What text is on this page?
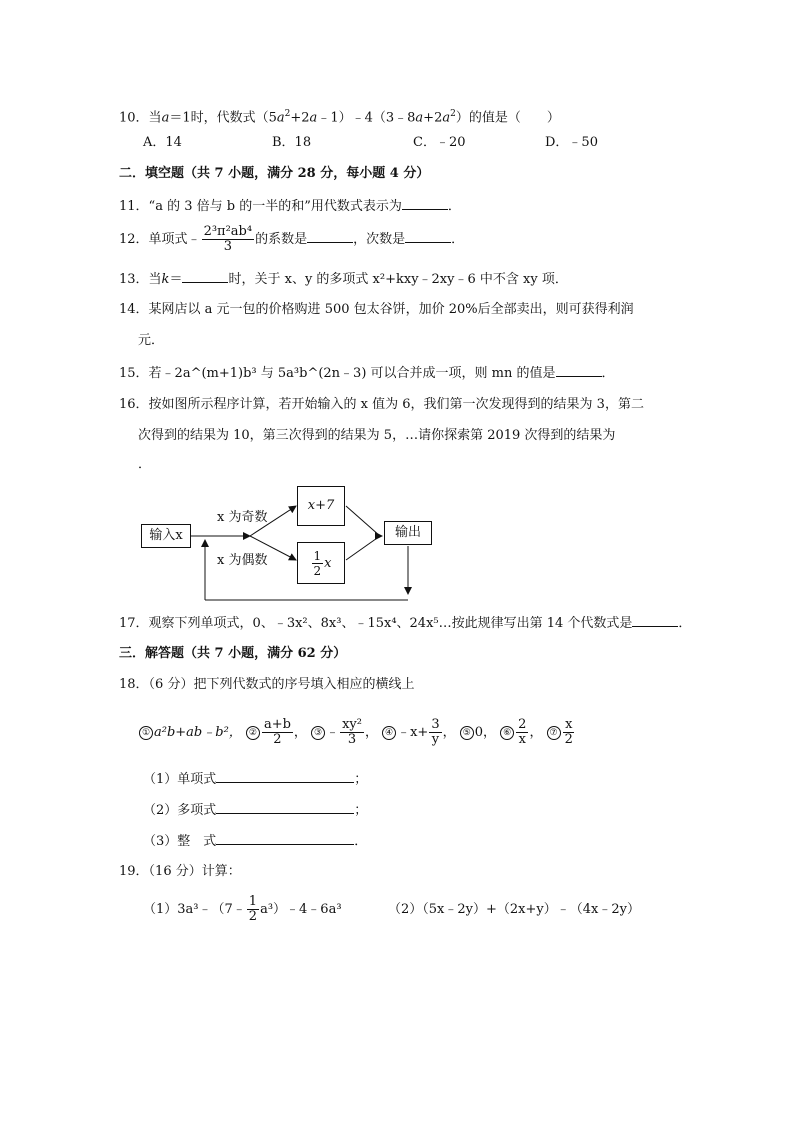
10．当a＝1时，代数式$(5a^2+2a﹣1)﹣4(3﹣8a+2a^2)$的值是（　　）
A．14	B．18	C．﹣20	D．﹣50
二．填空题（共 7 小题，满分 28 分，每小题 4 分）
11．“a 的 3 倍与 b 的一半的和”用代数式表示为	．
12．单项式﹣ $\frac{\text{2³π²ab⁴}}{3}$ 的系数是	，次数是	．
13．当k＝	时，关于 x、y 的多项式 x²+kxy﹣2xy﹣6 中不含 xy 项．
14．某网店以 a 元一包的价格购进 500 包太谷饼，加价 20%后全部卖出，则可获得利润
元．
15．若﹣2a^(m+1)b³ 与 5a³b^(2n﹣3) 可以合并成一项，则 mn 的值是	．
16．按如图所示程序计算，若开始输入的 x 值为 6，我们第一次发现得到的结果为 3，第二
次得到的结果为 10，第三次得到的结果为 5，…请你探索第 2019 次得到的结果为
．
输入x
x 为奇数
x 为偶数
x+7
$\frac{1}{2}$ x
输出
17．观察下列单项式，0、﹣3x²、8x³、﹣15x⁴、24x⁵…按此规律写出第 14 个代数式是	．
三．解答题（共 7 小题，满分 62 分）
18．（6 分）把下列代数式的序号填入相应的横线上
① a²b+ab﹣b²， ② $\frac{a+b}{2}$ ， ③ ﹣ $\frac{\text{xy²}}{3}$ ， ④ ﹣x+ $\frac{3}{y}$ ， ⑤ 0， ⑥ $\frac{2}{x}$ ， ⑦ $\frac{x}{2}$
（1）单项式	；
（2）多项式	；
（3）整　式	．
19．（16 分）计算：
（1）3a³﹣（7﹣ $\frac{1}{2}$ a³）﹣4﹣6a³	（2）（5x﹣2y）+（2x+y）﹣（4x﹣2y）
